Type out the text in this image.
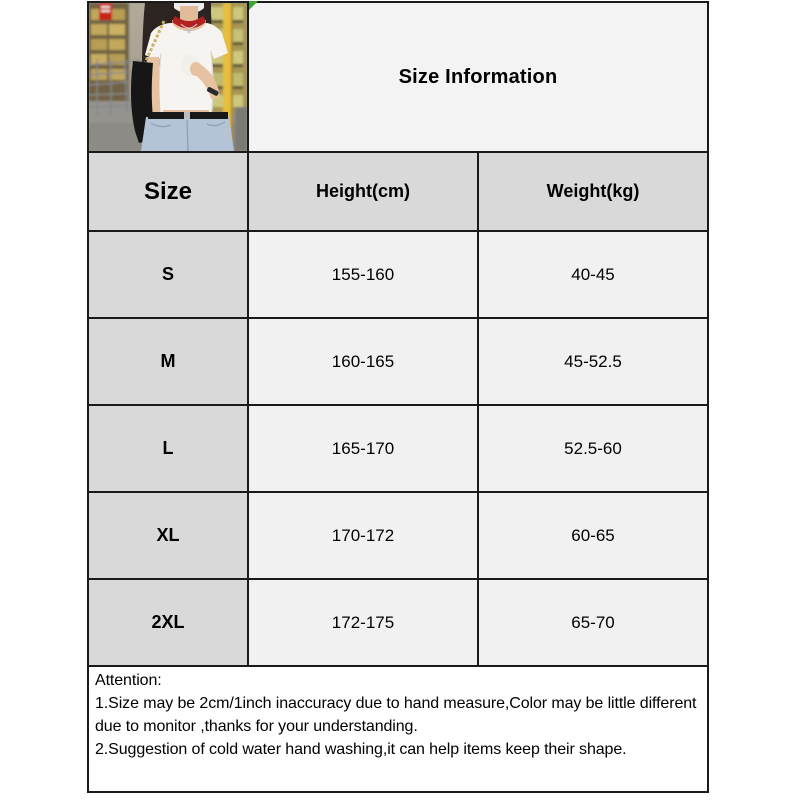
Size Information
Size	Height(cm)	Weight(kg)
S	155-160	40-45
M	160-165	45-52.5
L	165-170	52.5-60
XL	170-172	60-65
2XL	172-175	65-70

Attention:

1.Size may be 2cm/1inch inaccuracy due to hand measure,Color may be little different due to monitor ,thanks for your understanding.

2.Suggestion of cold water hand washing,it can help items keep their shape.
